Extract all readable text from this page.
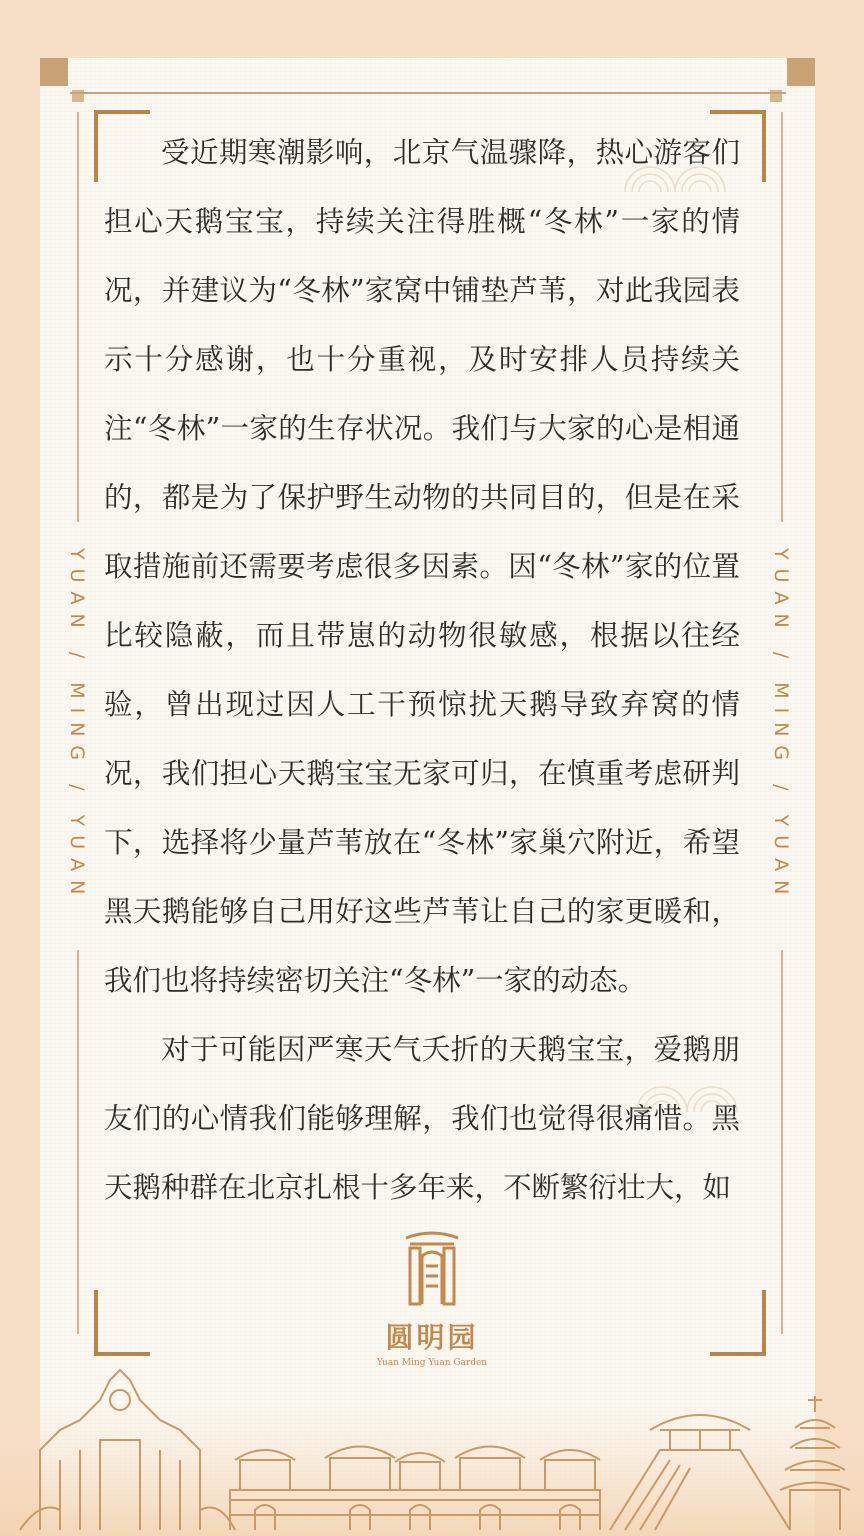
YUAN / MING / YUAN	YUAN / MING / YUAN

受近期寒潮影响，北京气温骤降，热心游客们担心天鹅宝宝，持续关注得胜概“冬林”一家的情况，并建议为“冬林”家窝中铺垫芦苇，对此我园表示十分感谢，也十分重视，及时安排人员持续关注“冬林”一家的生存状况。我们与大家的心是相通的，都是为了保护野生动物的共同目的，但是在采取措施前还需要考虑很多因素。因“冬林”家的位置比较隐蔽，而且带崽的动物很敏感，根据以往经验，曾出现过因人工干预惊扰天鹅导致弃窝的情况，我们担心天鹅宝宝无家可归，在慎重考虑研判下，选择将少量芦苇放在“冬林”家巢穴附近，希望黑天鹅能够自己用好这些芦苇让自己的家更暖和，我们也将持续密切关注“冬林”一家的动态。

对于可能因严寒天气夭折的天鹅宝宝，爱鹅朋友们的心情我们能够理解，我们也觉得很痛惜。黑天鹅种群在北京扎根十多年来，不断繁衍壮大，如

圆明园
Yuan Ming Yuan Garden
